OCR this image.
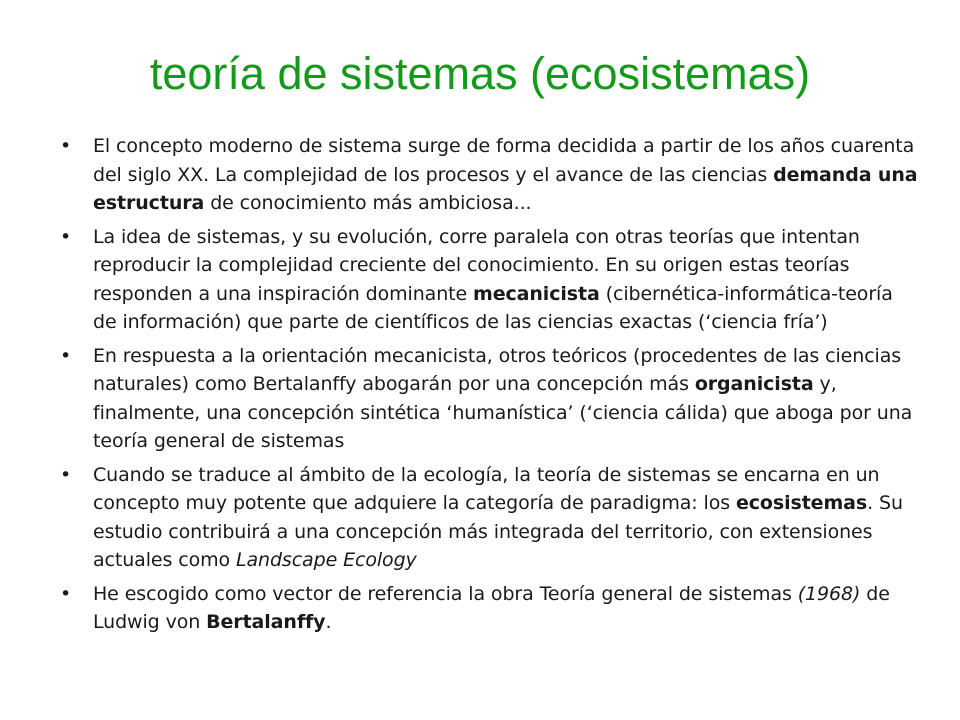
teoría de sistemas (ecosistemas)
• El concepto moderno de sistema surge de forma decidida a partir de los años cuarenta del siglo XX. La complejidad de los procesos y el avance de las ciencias demanda una estructura de conocimiento más ambiciosa...
• La idea de sistemas, y su evolución, corre paralela con otras teorías que intentan reproducir la complejidad creciente del conocimiento. En su origen estas teorías responden a una inspiración dominante mecanicista (cibernética-informática-teoría de información) que parte de científicos de las ciencias exactas (‘ciencia fría’)
• En respuesta a la orientación mecanicista, otros teóricos (procedentes de las ciencias naturales) como Bertalanffy abogarán por una concepción más organicista y, finalmente, una concepción sintética ‘humanística’ (‘ciencia cálida) que aboga por una teoría general de sistemas
• Cuando se traduce al ámbito de la ecología, la teoría de sistemas se encarna en un concepto muy potente que adquiere la categoría de paradigma: los ecosistemas. Su estudio contribuirá a una concepción más integrada del territorio, con extensiones actuales como Landscape Ecology
• He escogido como vector de referencia la obra Teoría general de sistemas (1968) de Ludwig von Bertalanffy.
